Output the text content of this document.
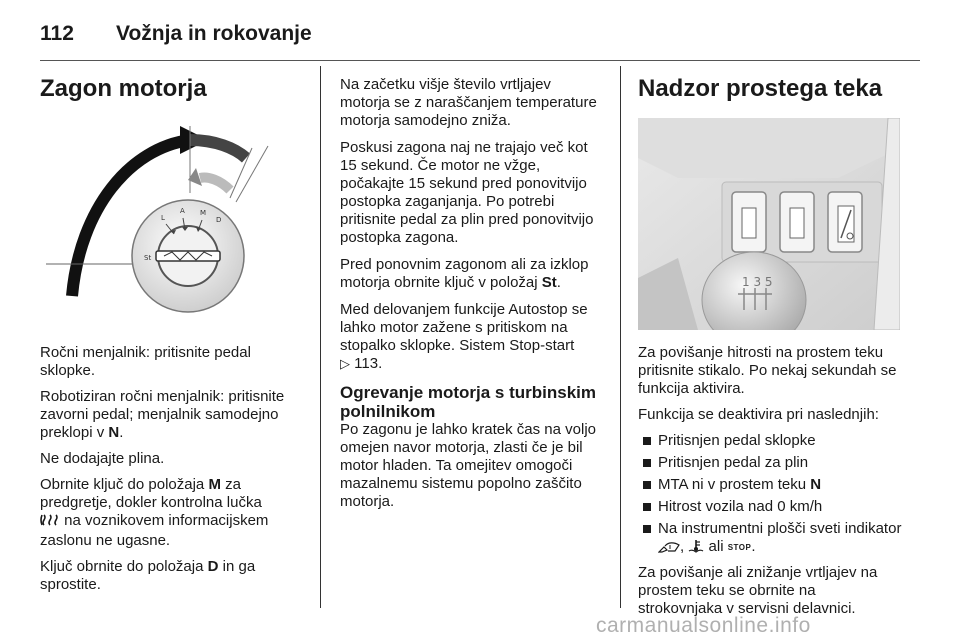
112 Vožnja in rokovanje
Zagon motorja
St
L
A M
D

Ročni menjalnik: pritisnite pedal sklopke.

Robotiziran ročni menjalnik: pritisnite zavorni pedal; menjalnik samodejno preklopi v N.

Ne dodajajte plina.

Obrnite ključ do položaja M za predgretje, dokler kontrolna lučka
na voznikovem informacijskem zaslonu ne ugasne.

Ključ obrnite do položaja D in ga sprostite.

Na začetku višje število vrtljajev motorja se z naraščanjem temperature motorja samodejno zniža.

Poskusi zagona naj ne trajajo več kot 15 sekund. Če motor ne vžge, počakajte 15 sekund pred ponovitvijo postopka zaganjanja. Po potrebi pritisnite pedal za plin pred ponovitvijo postopka zagona.

Pred ponovnim zagonom ali za izklop motorja obrnite ključ v položaj St.

Med delovanjem funkcije Autostop se lahko motor zažene s pritiskom na stopalko sklopke. Sistem Stop-start
▷ 113.

Ogrevanje motorja s turbinskim polnilnikom

Po zagonu je lahko kratek čas na voljo omejen navor motorja, zlasti če je bil motor hladen. Ta omejitev omogoči mazalnemu sistemu popolno zaščito motorja.

Nadzor prostega teka
1 3 5

Za povišanje hitrosti na prostem teku pritisnite stikalo. Po nekaj sekundah se funkcija aktivira.

Funkcija se deaktivira pri naslednjih:

Pritisnjen pedal sklopke
Pritisnjen pedal za plin
MTA ni v prostem teku N
Hitrost vozila nad 0 km/h
Na instrumentni plošči sveti indikator , ali STOP.

Za povišanje ali znižanje vrtljajev na prostem teku se obrnite na strokovnjaka v servisni delavnici.

carmanualsonline.info
